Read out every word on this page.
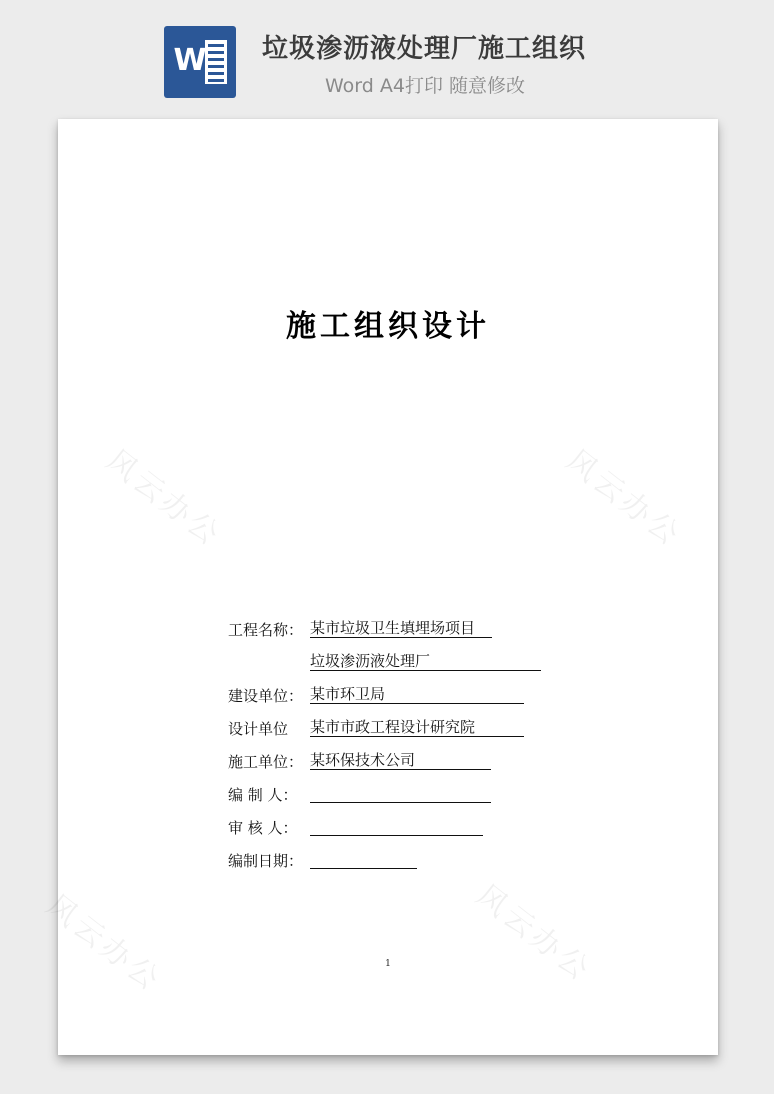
W 垃圾渗沥液处理厂施工组织
Word A4打印 随意修改
风云办公	风云办公
风云办公
风云办公
施工组织设计
工程名称： 某市垃圾卫生填埋场项目
垃圾渗沥液处理厂
建设单位： 某市环卫局
设计单位 某市市政工程设计研究院
施工单位： 某环保技术公司
编 制 人：
审 核 人：
编制日期：
1
